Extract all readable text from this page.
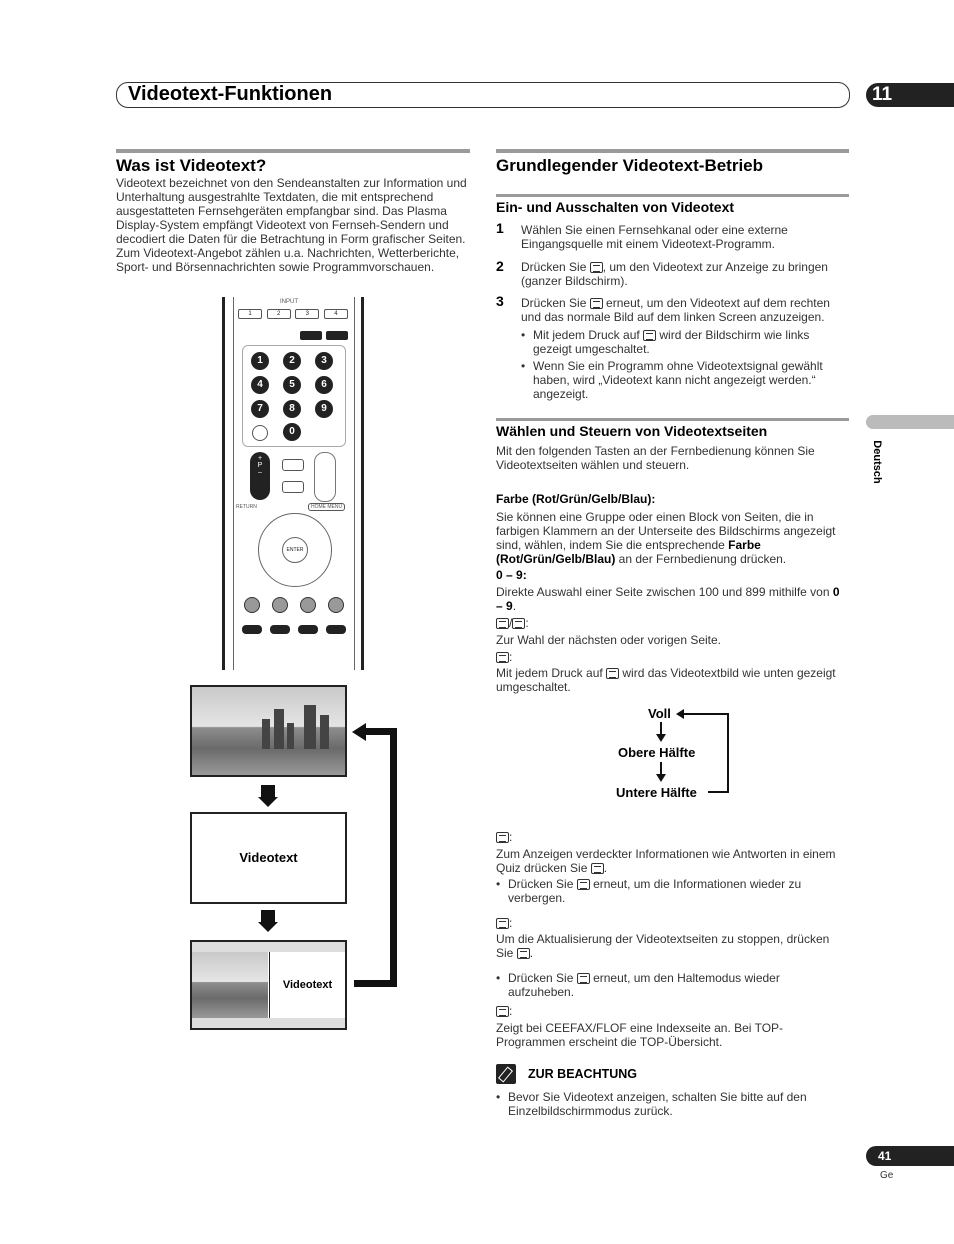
Videotext-Funktionen	11
Was ist Videotext?
Videotext bezeichnet von den Sendeanstalten zur Information und Unterhaltung ausgestrahlte Textdaten, die mit entsprechend ausgestatteten Fernsehgeräten empfangbar sind. Das Plasma Display-System empfängt Videotext von Fernseh-Sendern und decodiert die Daten für die Betrachtung in Form grafischer Seiten. Zum Videotext-Angebot zählen u.a. Nachrichten, Wetterberichte, Sport- und Börsennachrichten sowie Programmvorschauen.
INPUT
1	2	3	4
1	2	3
4	5	6
7	8	9
0
+
P
–
RETURN	HOME MENU
ENTER
Videotext
Videotext
Grundlegender Videotext-Betrieb
Ein- und Ausschalten von Videotext
1 Wählen Sie einen Fernsehkanal oder eine externe Eingangsquelle mit einem Videotext-Programm.
2 Drücken Sie , um den Videotext zur Anzeige zu bringen (ganzer Bildschirm).
3 Drücken Sie  erneut, um den Videotext auf dem rechten und das normale Bild auf dem linken Screen anzuzeigen.
• Mit jedem Druck auf  wird der Bildschirm wie links gezeigt umgeschaltet.
• Wenn Sie ein Programm ohne Videotextsignal gewählt haben, wird „Videotext kann nicht angezeigt werden.“ angezeigt.
Wählen und Steuern von Videotextseiten
Mit den folgenden Tasten an der Fernbedienung können Sie Videotextseiten wählen und steuern.
Farbe (Rot/Grün/Gelb/Blau):
Sie können eine Gruppe oder einen Block von Seiten, die in farbigen Klammern an der Unterseite des Bildschirms angezeigt sind, wählen, indem Sie die entsprechende Farbe (Rot/Grün/Gelb/Blau) an der Fernbedienung drücken.
0 – 9:
Direkte Auswahl einer Seite zwischen 100 und 899 mithilfe von 0 – 9.
/ :
Zur Wahl der nächsten oder vorigen Seite.
:
Mit jedem Druck auf wird das Videotextbild wie unten gezeigt umgeschaltet.
Voll
Obere Hälfte
Untere Hälfte
:
Zum Anzeigen verdeckter Informationen wie Antworten in einem Quiz drücken Sie .
• Drücken Sie erneut, um die Informationen wieder zu verbergen.
:
Um die Aktualisierung der Videotextseiten zu stoppen, drücken Sie .
• Drücken Sie erneut, um den Haltemodus wieder aufzuheben.
:
Zeigt bei CEEFAX/FLOF eine Indexseite an. Bei TOP-Programmen erscheint die TOP-Übersicht.
ZUR BEACHTUNG
• Bevor Sie Videotext anzeigen, schalten Sie bitte auf den Einzelbildschirmmodus zurück.
Deutsch
41
Ge
